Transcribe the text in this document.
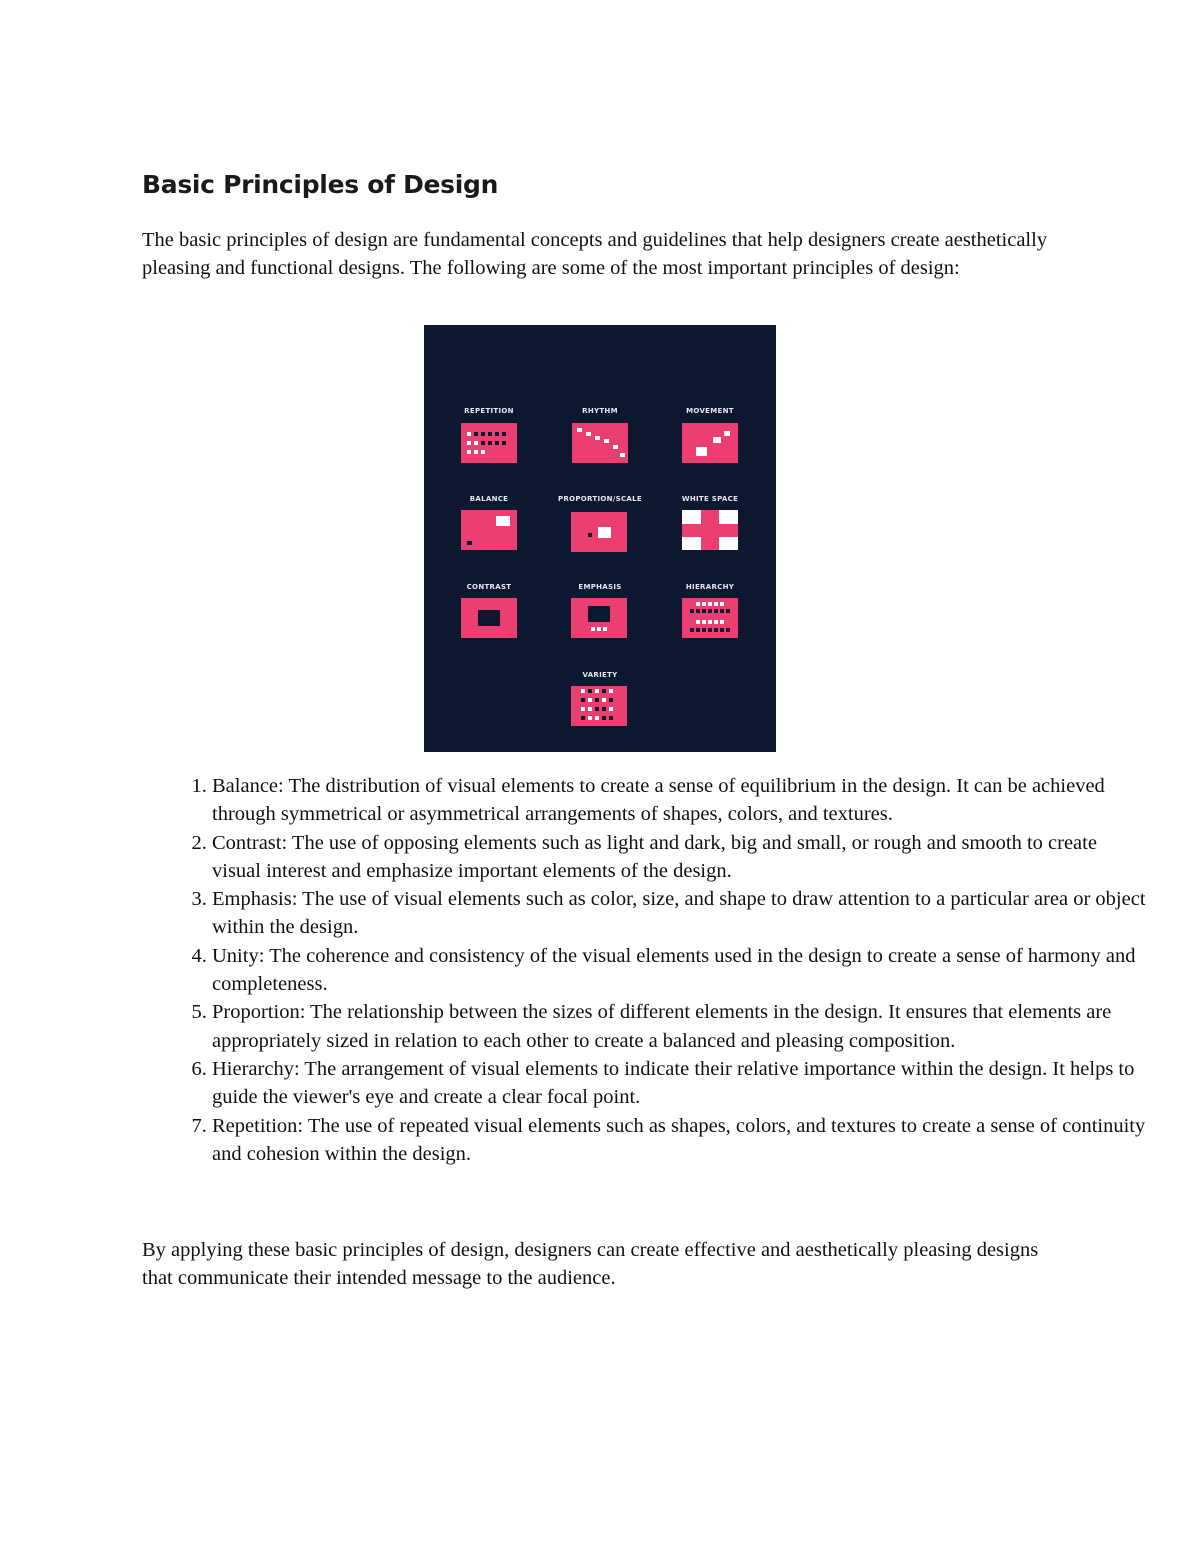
Basic Principles of Design

The basic principles of design are fundamental concepts and guidelines that help designers create aesthetically pleasing and functional designs. The following are some of the most important principles of design:

10 PRINCIPLES OF DESIGN
REPETITION	RHYTHM	MOVEMENT
BALANCE	PROPORTION/SCALE	WHITE SPACE
CONTRAST	EMPHASIS	HIERARCHY
VARIETY
1. Balance: The distribution of visual elements to create a sense of equilibrium in the design. It can be achieved through symmetrical or asymmetrical arrangements of shapes, colors, and textures.
2. Contrast: The use of opposing elements such as light and dark, big and small, or rough and smooth to create visual interest and emphasize important elements of the design.
3. Emphasis: The use of visual elements such as color, size, and shape to draw attention to a particular area or object within the design.
4. Unity: The coherence and consistency of the visual elements used in the design to create a sense of harmony and completeness.
5. Proportion: The relationship between the sizes of different elements in the design. It ensures that elements are appropriately sized in relation to each other to create a balanced and pleasing composition.
6. Hierarchy: The arrangement of visual elements to indicate their relative importance within the design. It helps to guide the viewer's eye and create a clear focal point.
7. Repetition: The use of repeated visual elements such as shapes, colors, and textures to create a sense of continuity and cohesion within the design.

By applying these basic principles of design, designers can create effective and aesthetically pleasing designs that communicate their intended message to the audience.
